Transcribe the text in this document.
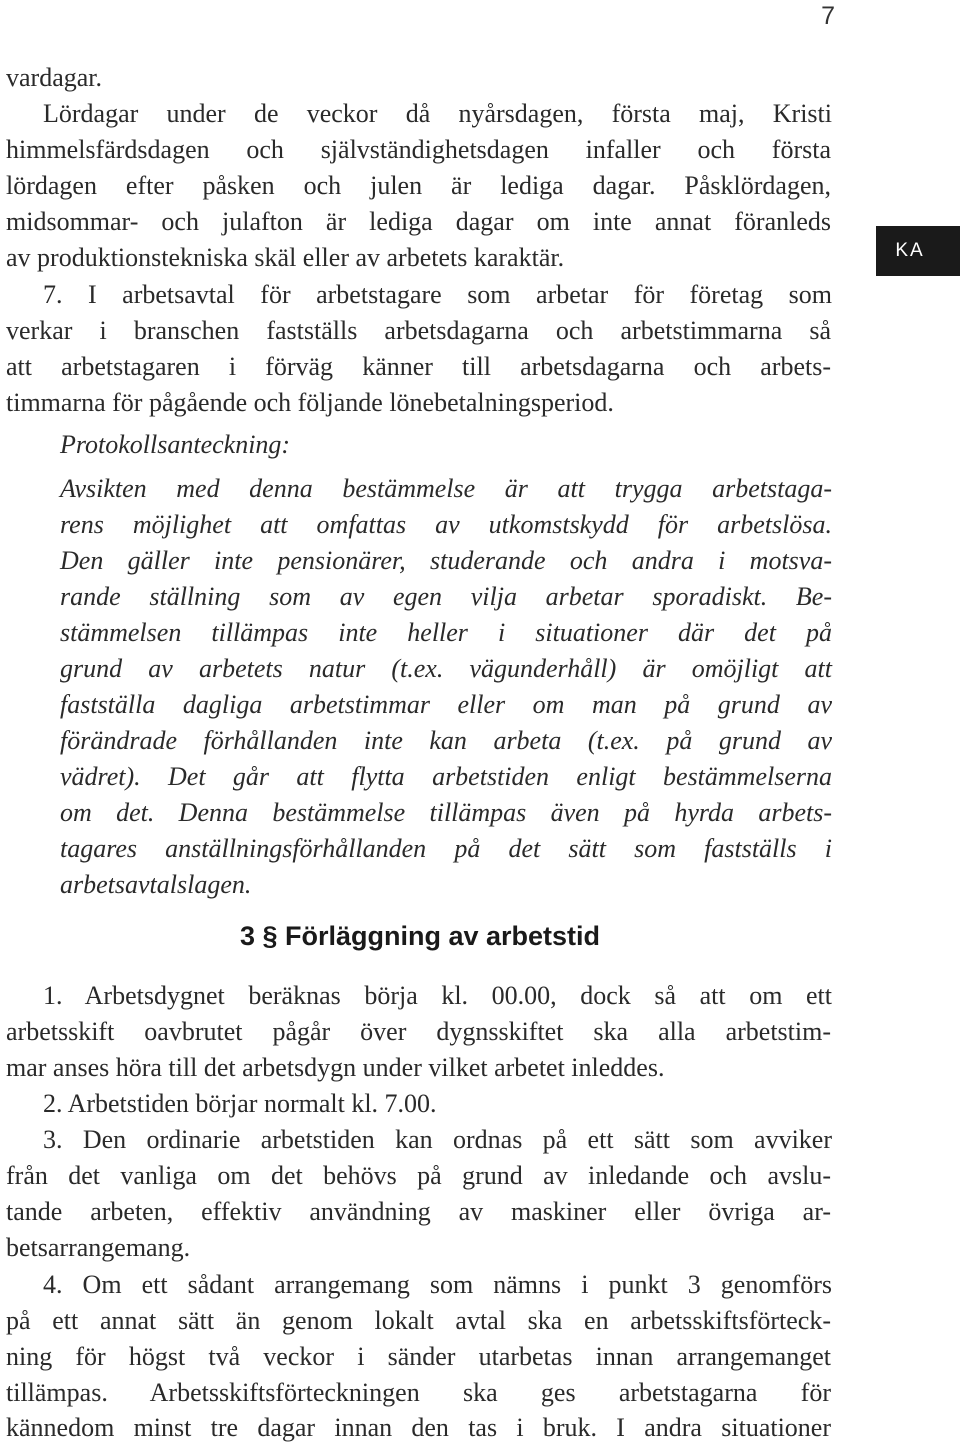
7
KA

vardagar.

Lördagar under de veckor då nyårsdagen, första maj, Kristi

himmelsfärdsdagen och självständighetsdagen infaller och första

lördagen efter påsken och julen är lediga dagar. Påsklördagen,

midsommar- och julafton är lediga dagar om inte annat föranleds

av produktionstekniska skäl eller av arbetets karaktär.

7. I arbetsavtal för arbetstagare som arbetar för företag som

verkar i branschen fastställs arbetsdagarna och arbetstimmarna så

att arbetstagaren i förväg känner till arbetsdagarna och arbets-

timmarna för pågående och följande lönebetalningsperiod.

Protokollsanteckning:

Avsikten med denna bestämmelse är att trygga arbetstaga-

rens möjlighet att omfattas av utkomstskydd för arbetslösa.

Den gäller inte pensionärer, studerande och andra i motsva-

rande ställning som av egen vilja arbetar sporadiskt. Be-

stämmelsen tillämpas inte heller i situationer där det på

grund av arbetets natur (t.ex. vägunderhåll) är omöjligt att

fastställa dagliga arbetstimmar eller om man på grund av

förändrade förhållanden inte kan arbeta (t.ex. på grund av

vädret). Det går att flytta arbetstiden enligt bestämmelserna

om det. Denna bestämmelse tillämpas även på hyrda arbets-

tagares anställningsförhållanden på det sätt som fastställs i

arbetsavtalslagen.

3 § Förläggning av arbetstid

1. Arbetsdygnet beräknas börja kl. 00.00, dock så att om ett

arbetsskift oavbrutet pågår över dygnsskiftet ska alla arbetstim-

mar anses höra till det arbetsdygn under vilket arbetet inleddes.

2. Arbetstiden börjar normalt kl. 7.00.

3. Den ordinarie arbetstiden kan ordnas på ett sätt som avviker

från det vanliga om det behövs på grund av inledande och avslu-

tande arbeten, effektiv användning av maskiner eller övriga ar-

betsarrangemang.

4. Om ett sådant arrangemang som nämns i punkt 3 genomförs

på ett annat sätt än genom lokalt avtal ska en arbetsskiftsförteck-

ning för högst två veckor i sänder utarbetas innan arrangemanget

tillämpas. Arbetsskiftsförteckningen ska ges arbetstagarna för

kännedom minst tre dagar innan den tas i bruk. I andra situationer
